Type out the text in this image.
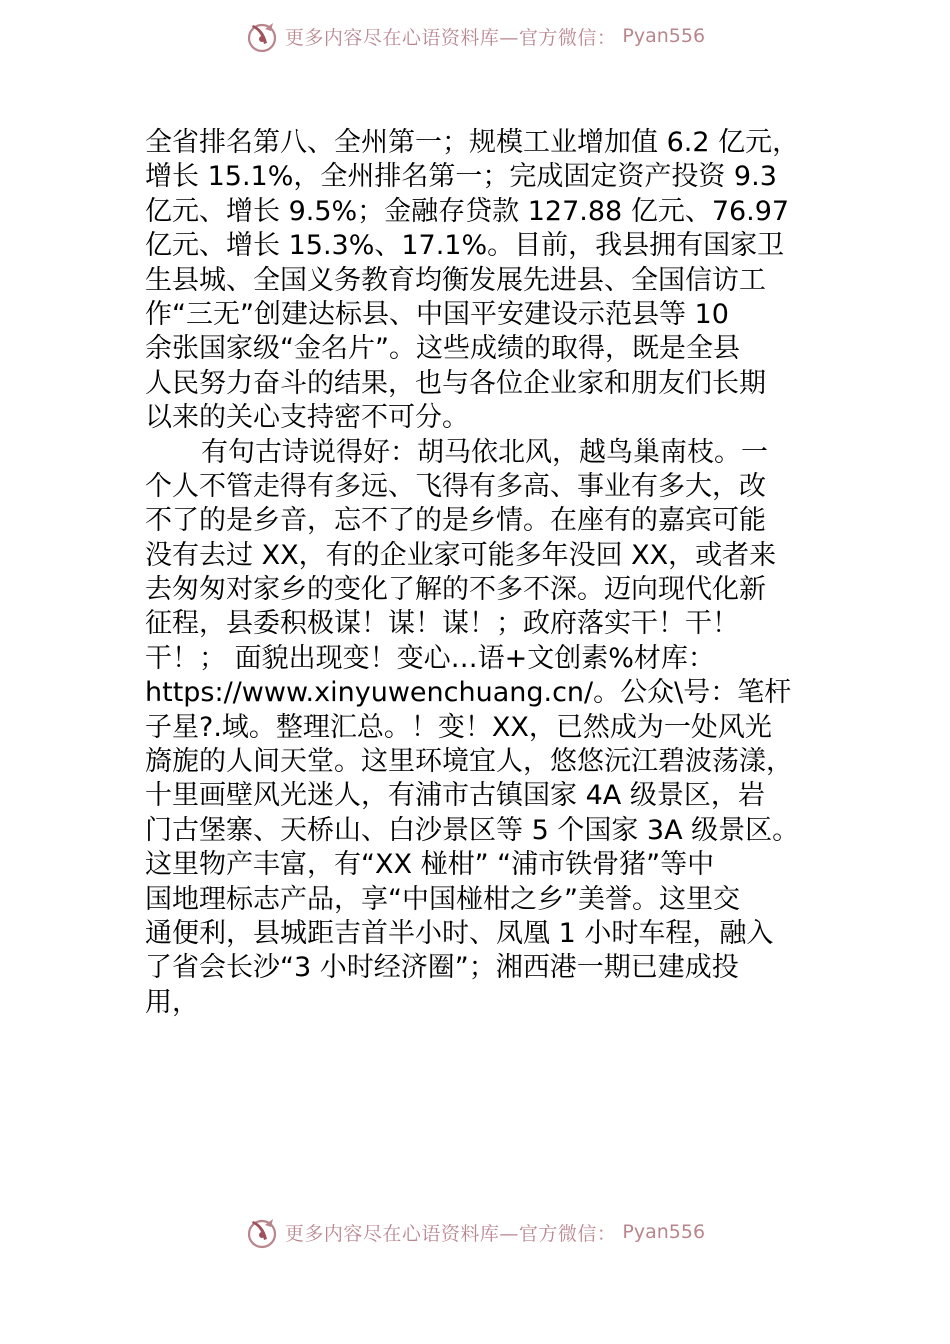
更多内容尽在心语资料库—官方微信： Pyan556
全省排名第八、全州第一；规模工业增加值 6.2 亿元，
增长 15.1%，全州排名第一；完成固定资产投资 9.3
亿元、增长 9.5%；金融存贷款 127.88 亿元、76.97
亿元、增长 15.3%、17.1%。目前，我县拥有国家卫
生县城、全国义务教育均衡发展先进县、全国信访工
作“三无”创建达标县、中国平安建设示范县等 10
余张国家级“金名片”。这些成绩的取得，既是全县
人民努力奋斗的结果，也与各位企业家和朋友们长期
以来的关心支持密不可分。
有句古诗说得好：胡马依北风，越鸟巢南枝。一
个人不管走得有多远、飞得有多高、事业有多大，改
不了的是乡音，忘不了的是乡情。在座有的嘉宾可能
没有去过 XX，有的企业家可能多年没回 XX，或者来
去匆匆对家乡的变化了解的不多不深。迈向现代化新
征程，县委积极谋！谋！谋！；政府落实干！干！
干！； 面貌出现变！变心…语+文创素%材库：
https://www.xinyuwenchuang.cn/。公众\号：笔杆
子星?.域。整理汇总。！变！XX，已然成为一处风光
旖旎的人间天堂。这里环境宜人，悠悠沅江碧波荡漾，
十里画壁风光迷人，有浦市古镇国家 4A 级景区，岩
门古堡寨、天桥山、白沙景区等 5 个国家 3A 级景区。
这里物产丰富，有“XX 椪柑” “浦市铁骨猪”等中
国地理标志产品，享“中国椪柑之乡”美誉。这里交
通便利，县城距吉首半小时、凤凰 1 小时车程，融入
了省会长沙“3 小时经济圈”；湘西港一期已建成投
用，
更多内容尽在心语资料库—官方微信： Pyan556
